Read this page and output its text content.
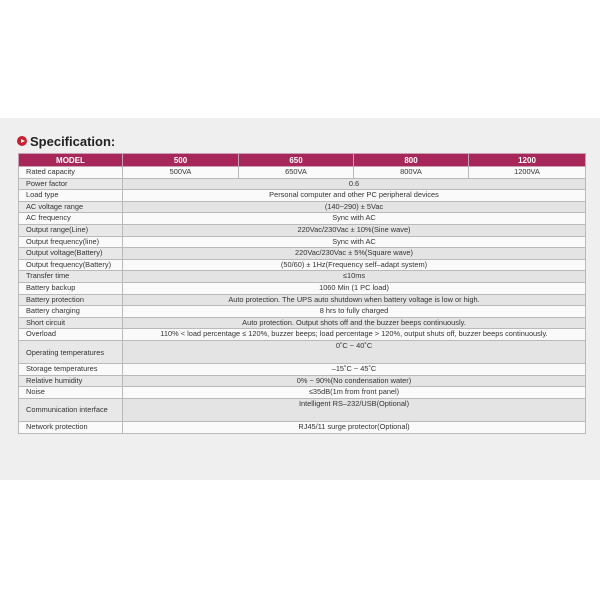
Specification:
MODEL	500	650	800	1200
Rated capacity	500VA	650VA	800VA	1200VA
Power factor	0.6			
Load type	Personal computer and other PC peripheral devices			
AC voltage range	(140~290) ± 5Vac			
AC frequency	Sync with AC			
Output range(Line)	220Vac/230Vac ± 10%(Sine wave)			
Output frequency(line)	Sync with AC			
Output voltage(Battery)	220Vac/230Vac ± 5%(Square wave)			
Output frequency(Battery)	(50/60) ± 1Hz(Frequency self–adapt system)			
Transfer time	≤10ms			
Battery backup	1060 Min (1 PC load)			
Battery protection	Auto protection. The UPS auto shutdown when battery voltage is low or high.			
Battery charging	8 hrs to fully charged			
Short circuit	Auto protection. Output shots off and the buzzer beeps continuously.			
Overload	110% < load percentage ≤ 120%, buzzer beeps; load percentage > 120%, output shuts off, buzzer beeps continuously.			
Operating temperatures	0˚C ~ 40˚C			
Storage temperatures	–15˚C ~ 45˚C			
Relative humidity	0% ~ 90%(No condensation water)			
Noise	≤35dB(1m from front panel)			
Communication interface	Intelligent RS–232/USB(Optional)			
Network protection	RJ45/11 surge protector(Optional)			
